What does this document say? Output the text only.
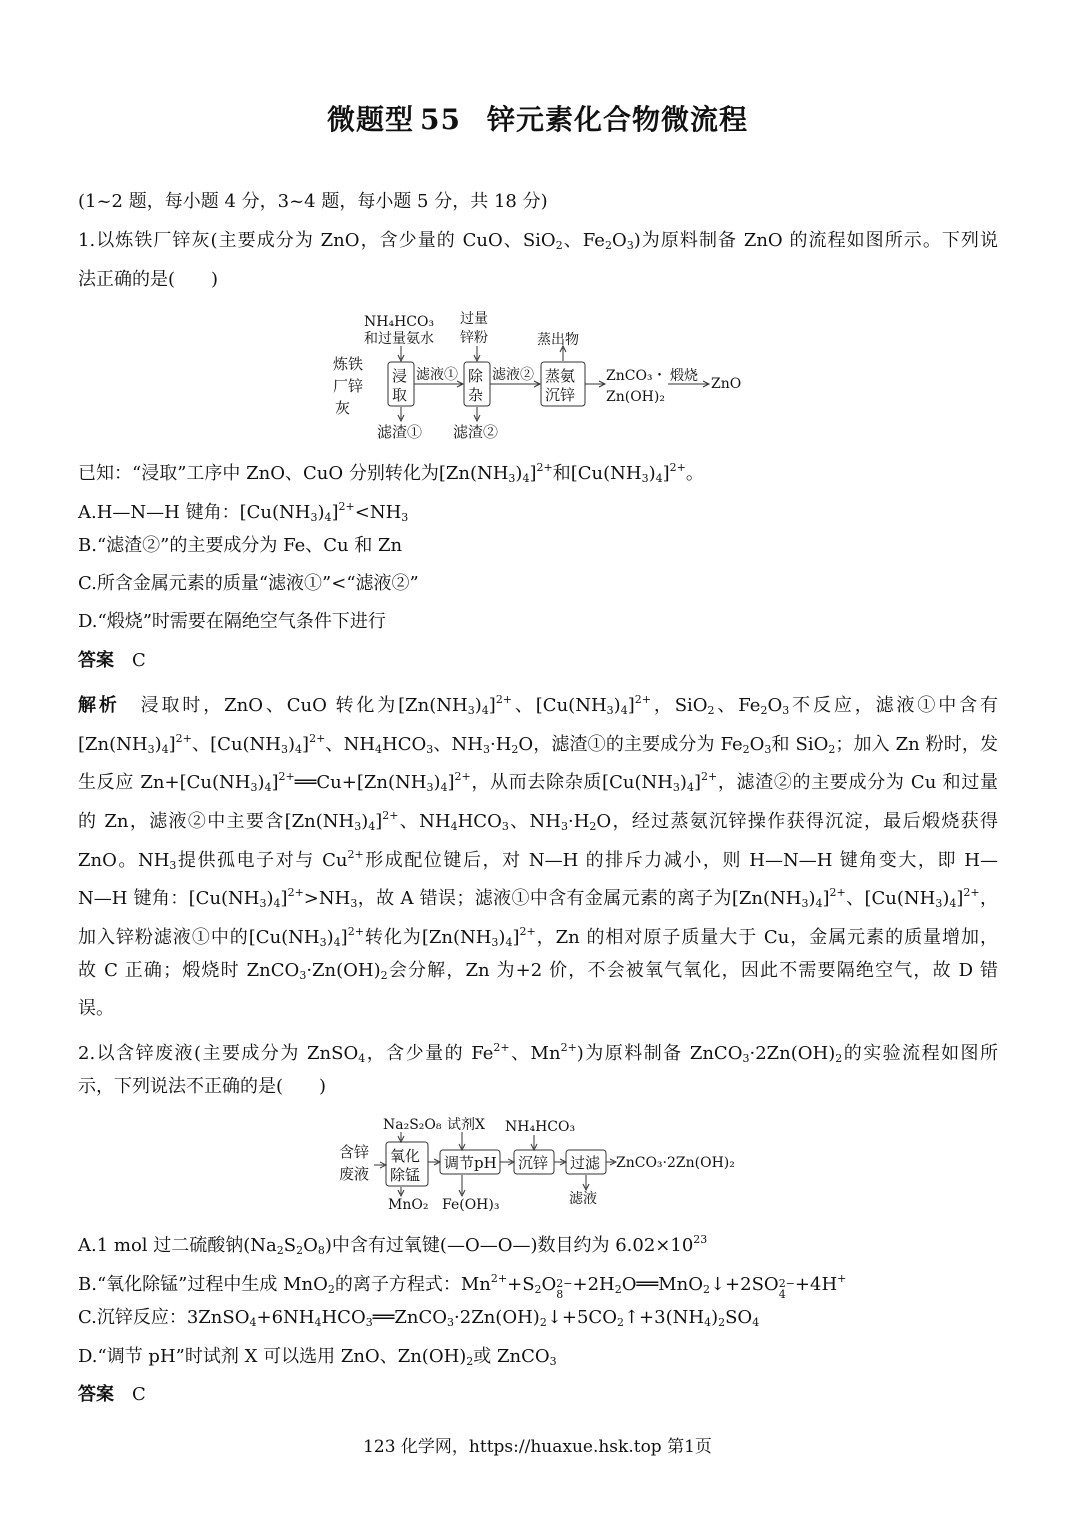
微题型 55 锌元素化合物微流程
(1~2 题，每小题 4 分，3~4 题，每小题 5 分，共 18 分)
1.以炼铁厂锌灰(主要成分为 ZnO，含少量的 CuO、SiO$_2$、$Fe_2O_3$)为原料制备 ZnO 的流程如图所示。下列说
法正确的是(　　)
NH₄HCO₃
和过量氨水
过量
锌粉	蒸出物
炼铁
厂锌
灰
浸
取
除
杂
蒸氨
沉锌
滤液① 滤液②	ZnCO₃・
Zn(OH)₂
煅烧 ZnO
滤渣① 滤渣②
已知：“浸取”工序中 ZnO、CuO 分别转化为$[Zn(NH_3)_4]^{2+}$和$[Cu(NH_3)_4]^{2+}$。
A.H—N—H 键角：$[Cu(NH_3)_4]^{2+}<NH_3$
B.“滤渣②”的主要成分为 Fe、Cu 和 Zn
C.所含金属元素的质量“滤液①”<“滤液②”
D.“煅烧”时需要在隔绝空气条件下进行
答案　 C
解析　 浸取时，ZnO、CuO 转化为$[Zn(NH_3)_4]^{2+}$、$[Cu(NH_3)_4]^{2+}$，SiO$_2$、$Fe_2O_3$不反应，滤液①中含有
$[Zn(NH_3)_4]^{2+}$、$[Cu(NH_3)_4]^{2+}$、$NH_4HCO_3$、$NH_3\cdot H_2O$，滤渣①的主要成分为 $Fe_2O_3$和 SiO$_2$；加入 Zn 粉时，发
生反应 $Zn+[Cu(NH_3)_4]^{2+}══Cu+[Zn(NH_3)_4]^{2+}$，从而去除杂质$[Cu(NH_3)_4]^{2+}$，滤渣②的主要成分为 Cu 和过量
的 Zn，滤液②中主要含$[Zn(NH_3)_4]^{2+}$、$NH_4HCO_3$、$NH_3\cdot H_2O$，经过蒸氨沉锌操作获得沉淀，最后煅烧获得
ZnO。$NH_3$提供孤电子对与 $Cu^{2+}$形成配位键后，对 N—H 的排斥力减小，则 H—N—H 键角变大，即 H—
N—H 键角：$[Cu(NH_3)_4]^{2+}>NH_3$，故 A 错误；滤液①中含有金属元素的离子为$[Zn(NH_3)_4]^{2+}$、$[Cu(NH_3)_4]^{2+}$，
加入锌粉滤液①中的$[Cu(NH_3)_4]^{2+}$转化为$[Zn(NH_3)_4]^{2+}$，Zn 的相对原子质量大于 Cu，金属元素的质量增加，
故 C 正确；煅烧时 $ZnCO_3\cdot Zn(OH)_2$会分解，Zn 为+2 价，不会被氧气氧化，因此不需要隔绝空气，故 D 错
误。
2.以含锌废液(主要成分为 ZnSO$_4$，含少量的 $Fe^{2+}$、$Mn^{2+}$)为原料制备 $ZnCO_3\cdot 2Zn(OH)_2$的实验流程如图所
示，下列说法不正确的是(　　)
Na₂S₂O₈ 试剂X NH₄HCO₃
含锌
废液
氧化
除锰
调节pH 沉锌 过滤 ZnCO₃·2Zn(OH)₂
MnO₂ Fe(OH)₃	滤液
A.1 mol 过二硫酸钠$(Na_2S_2O_8)$中含有过氧键(—O—O—)数目约为 $6.02\times 10^{23}$
B.“氧化除锰”过程中生成 MnO$_2$的离子方程式：$Mn^{2+}+S_2O$ 2−
$8 +2H_2O══MnO_2↓+2SO$ 2−
4 +4H+
C.沉锌反应：$3ZnSO_4+6NH_4HCO_3══ZnCO_3\cdot 2Zn(OH)_2↓+5CO_2↑+3(NH_4)_2SO_4$
D.“调节 pH”时试剂 X 可以选用 ZnO、$Zn(OH)_2$或 ZnCO$_3$
答案　 C
123 化学网，https://huaxue.hsk.top 第1页
